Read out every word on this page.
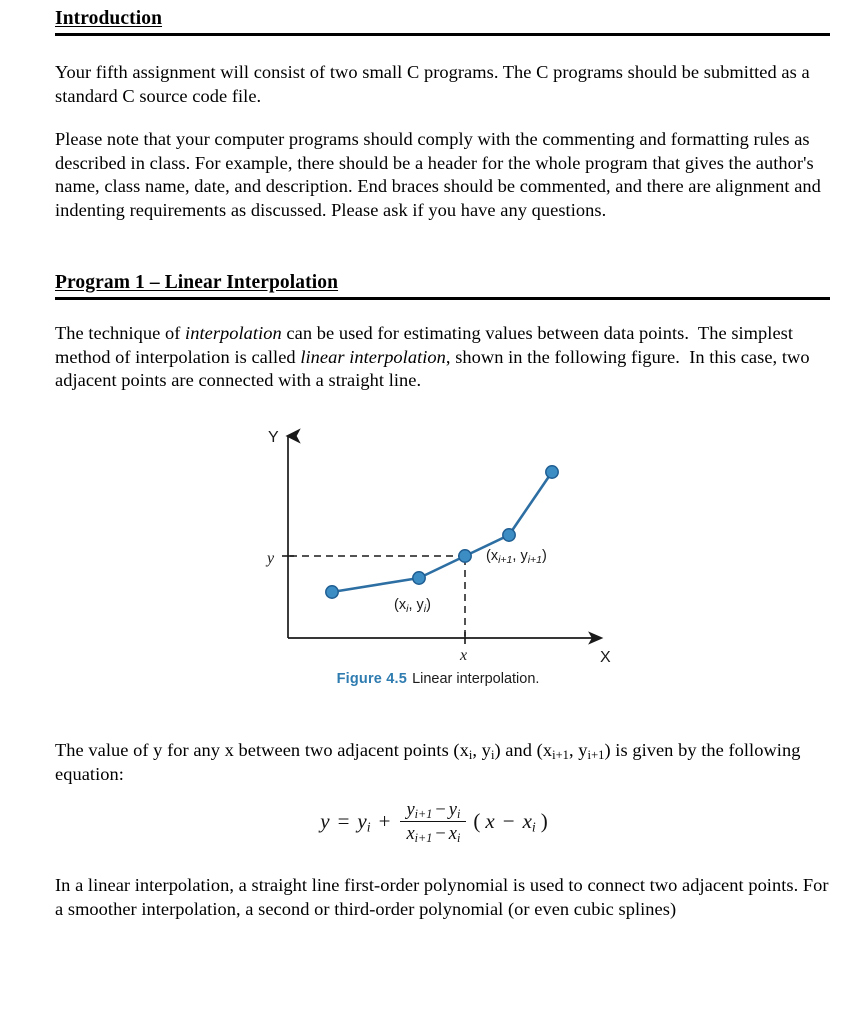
Introduction
Your fifth assignment will consist of two small C programs. The C programs should be submitted as a standard C source code file.
Please note that your computer programs should comply with the commenting and formatting rules as described in class. For example, there should be a header for the whole program that gives the author's name, class name, date, and description. End braces should be commented, and there are alignment and indenting requirements as discussed. Please ask if you have any questions.
Program 1 – Linear Interpolation
The technique of interpolation can be used for estimating values between data points.  The simplest method of interpolation is called linear interpolation, shown in the following figure.  In this case, two adjacent points are connected with a straight line.
Y
X
y
x
(xi, yi)
(xi+1, yi+1)
Figure 4.5 Linear interpolation.
The value of y for any x between two adjacent points ($x_i$, $y_i$) and ($x_{i+1}$, $y_{i+1}$) is given by the following equation:
$y = y_i + \frac{y_{i+1} - y_i}{x_{i+1} - x_i}$ ( $x - x_i$ )
In a linear interpolation, a straight line first-order polynomial is used to connect two adjacent points. For a smoother interpolation, a second or third-order polynomial (or even cubic splines)
